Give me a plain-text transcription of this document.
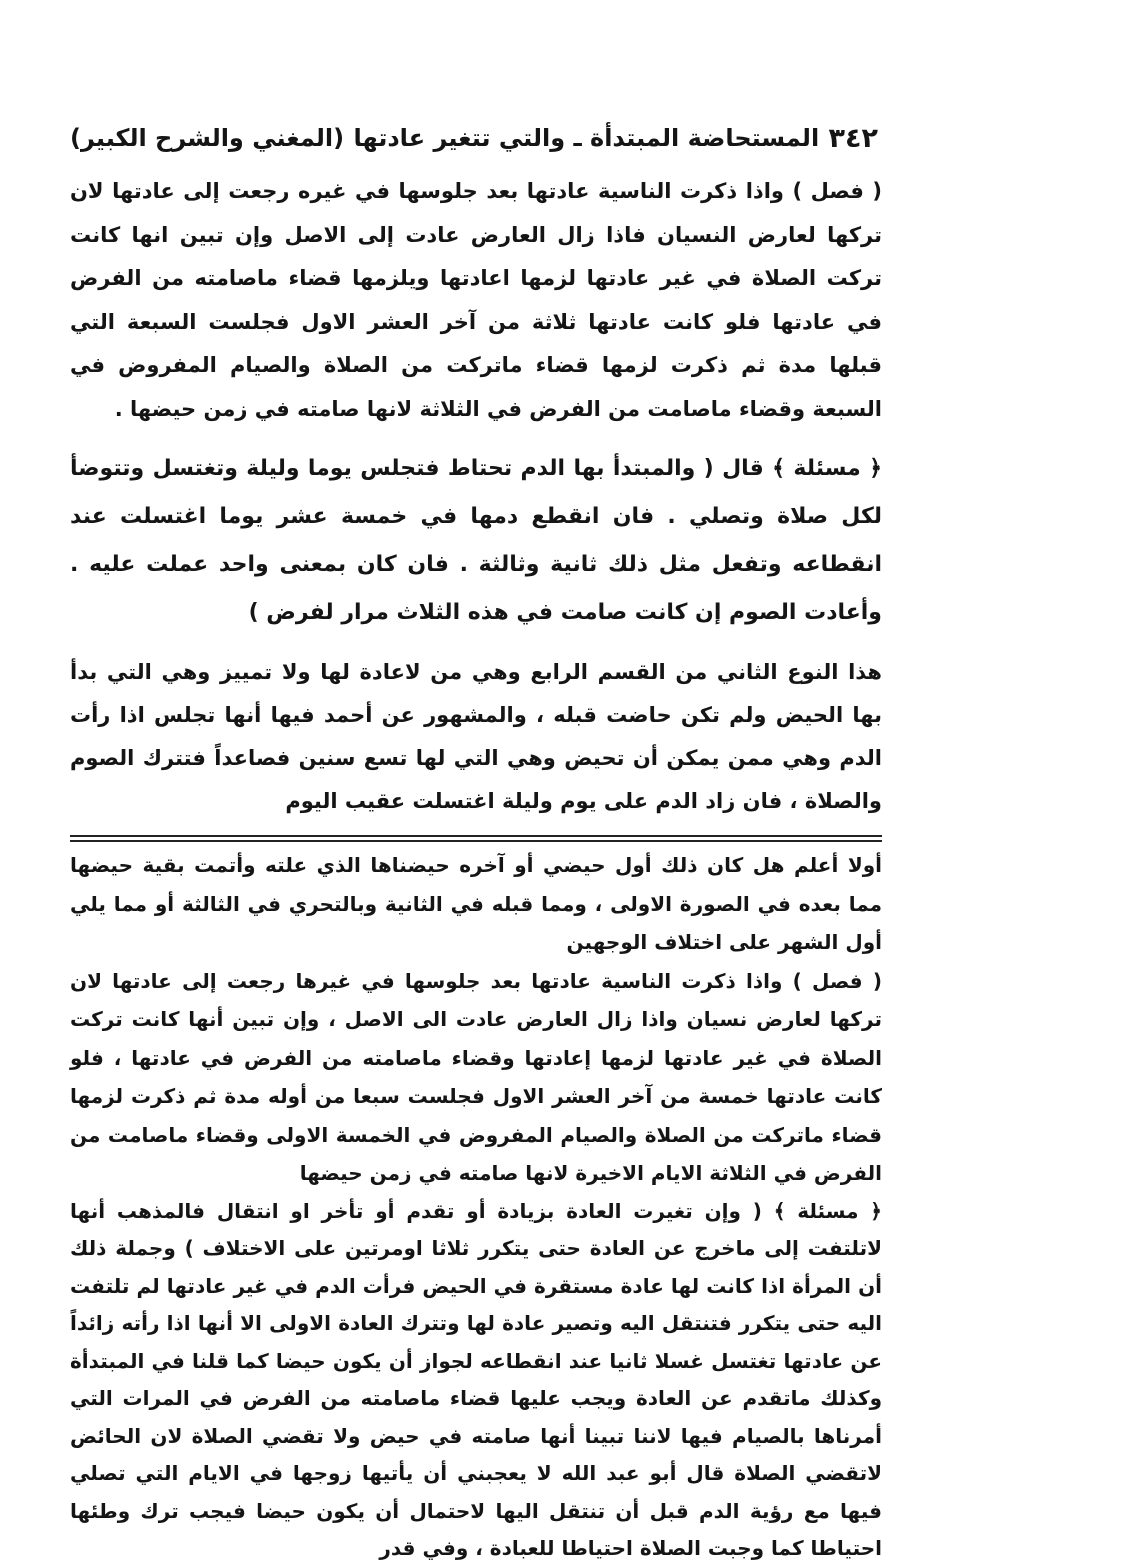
٣٤٢
المستحاضة المبتدأة ـ والتي تتغير عادتها
(المغني والشرح الكبير)

( فصل ) واذا ذكرت الناسية عادتها بعد جلوسها في غيره رجعت إلى عادتها لان تركها لعارض النسيان فاذا زال العارض عادت إلى الاصل وإن تبين انها كانت تركت الصلاة في غير عادتها لزمها اعادتها ويلزمها قضاء ماصامته من الفرض في عادتها فلو كانت عادتها ثلاثة من آخر العشر الاول فجلست السبعة التي قبلها مدة ثم ذكرت لزمها قضاء ماتركت من الصلاة والصيام المفروض في السبعة وقضاء ماصامت من الفرض في الثلاثة لانها صامته في زمن حيضها .

﴿ مسئلة ﴾ قال ( والمبتدأ بها الدم تحتاط فتجلس يوما وليلة وتغتسل وتتوضأ لكل صلاة وتصلي . فان انقطع دمها في خمسة عشر يوما اغتسلت عند انقطاعه وتفعل مثل ذلك ثانية وثالثة . فان كان بمعنى واحد عملت عليه . وأعادت الصوم إن كانت صامت في هذه الثلاث مرار لفرض )

هذا النوع الثاني من القسم الرابع وهي من لاعادة لها ولا تمييز وهي التي بدأ بها الحيض ولم تكن حاضت قبله ، والمشهور عن أحمد فيها أنها تجلس اذا رأت الدم وهي ممن يمكن أن تحيض وهي التي لها تسع سنين فصاعداً فتترك الصوم والصلاة ، فان زاد الدم على يوم وليلة اغتسلت عقيب اليوم

أولا أعلم هل كان ذلك أول حيضي أو آخره حيضناها الذي علته وأتمت بقية حيضها مما بعده في الصورة الاولى ، ومما قبله في الثانية وبالتحري في الثالثة أو مما يلي أول الشهر على اختلاف الوجهين

( فصل ) واذا ذكرت الناسية عادتها بعد جلوسها في غيرها رجعت إلى عادتها لان تركها لعارض نسيان واذا زال العارض عادت الى الاصل ، وإن تبين أنها كانت تركت الصلاة في غير عادتها لزمها إعادتها وقضاء ماصامته من الفرض في عادتها ، فلو كانت عادتها خمسة من آخر العشر الاول فجلست سبعا من أوله مدة ثم ذكرت لزمها قضاء ماتركت من الصلاة والصيام المفروض في الخمسة الاولى وقضاء ماصامت من الفرض في الثلاثة الايام الاخيرة لانها صامته في زمن حيضها

﴿ مسئلة ﴾ ( وإن تغيرت العادة بزيادة أو تقدم أو تأخر او انتقال فالمذهب أنها لاتلتفت إلى ماخرج عن العادة حتى يتكرر ثلاثا اومرتين على الاختلاف ) وجملة ذلك أن المرأة اذا كانت لها عادة مستقرة في الحيض فرأت الدم في غير عادتها لم تلتفت اليه حتى يتكرر فتنتقل اليه وتصير عادة لها وتترك العادة الاولى الا أنها اذا رأته زائداً عن عادتها تغتسل غسلا ثانيا عند انقطاعه لجواز أن يكون حيضا كما قلنا في المبتدأة وكذلك ماتقدم عن العادة ويجب عليها قضاء ماصامته من الفرض في المرات التي أمرناها بالصيام فيها لاننا تبينا أنها صامته في حيض ولا تقضي الصلاة لان الحائض لاتقضي الصلاة قال أبو عبد الله لا يعجبني أن يأتيها زوجها في الايام التي تصلي فيها مع رؤية الدم قبل أن تنتقل اليها لاحتمال أن يكون حيضا فيجب ترك وطئها احتياطا كما وجبت الصلاة احتياطا للعبادة ، وفي قدر
